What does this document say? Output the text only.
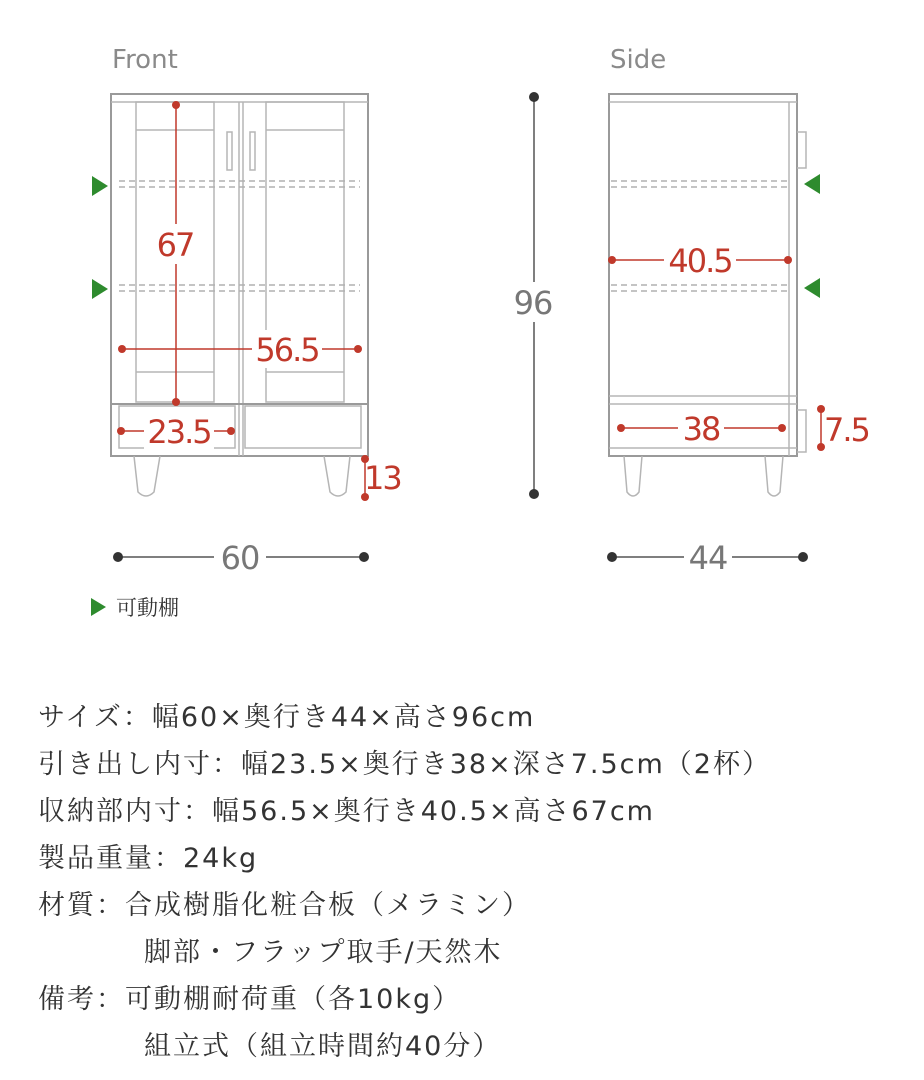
Front	Side
67
56.5
23.5
13
60
96
40.5
38	7.5
44
可動棚
サイズ： 幅60×奥行き44×高さ96cm
引き出し内寸： 幅23.5×奥行き38×深さ7.5cm（2杯）
収納部内寸： 幅56.5×奥行き40.5×高さ67cm
製品重量： 24kg
材質： 合成樹脂化粧合板（メラミン）
脚部・フラップ取手/天然木
備考： 可動棚耐荷重（各10kg）
組立式（組立時間約40分）
